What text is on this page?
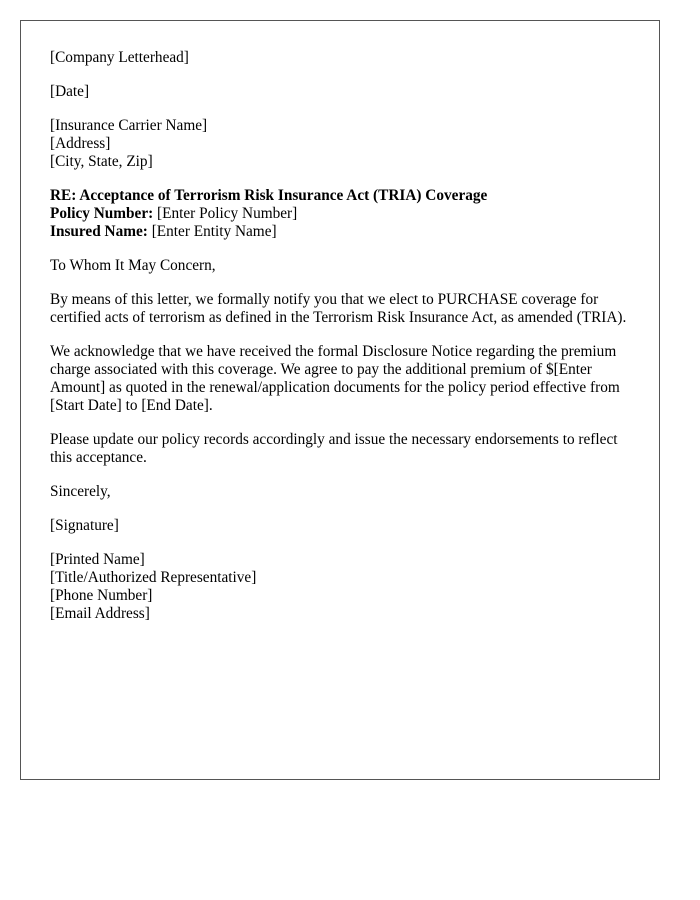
[Company Letterhead]
[Date]
[Insurance Carrier Name]
[Address]
[City, State, Zip]
RE: Acceptance of Terrorism Risk Insurance Act (TRIA) Coverage
Policy Number: [Enter Policy Number]
Insured Name: [Enter Entity Name]
To Whom It May Concern,

By means of this letter, we formally notify you that we elect to PURCHASE coverage for certified acts of terrorism as defined in the Terrorism Risk Insurance Act, as amended (TRIA).

We acknowledge that we have received the formal Disclosure Notice regarding the premium charge associated with this coverage. We agree to pay the additional premium of $[Enter Amount] as quoted in the renewal/application documents for the policy period effective from [Start Date] to [End Date].

Please update our policy records accordingly and issue the necessary endorsements to reflect this acceptance.

Sincerely,
[Signature]
[Printed Name]
[Title/Authorized Representative]
[Phone Number]
[Email Address]
